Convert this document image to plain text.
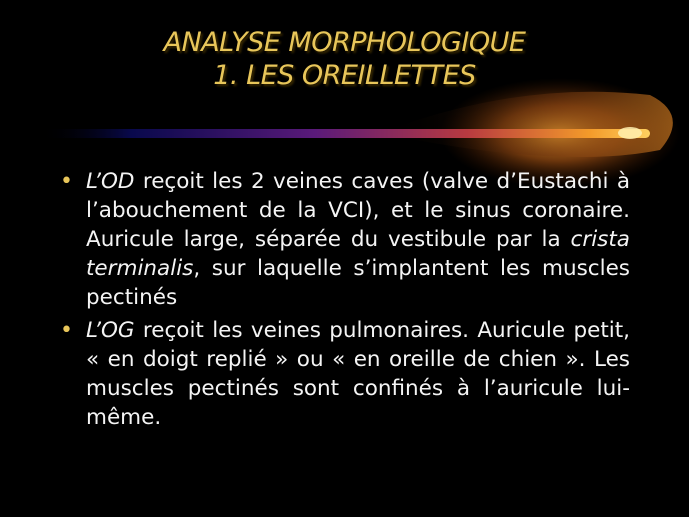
ANALYSE MORPHOLOGIQUE
1. LES OREILLETTES
• L’OD reçoit les 2 veines caves (valve d’Eustachi à l’abouchement de la VCI), et le sinus coronaire. Auricule large, séparée du vestibule par la crista terminalis, sur laquelle s’implantent les muscles pectinés
• L’OG reçoit les veines pulmonaires. Auricule petit, « en doigt replié » ou « en oreille de chien ». Les muscles pectinés sont confinés à l’auricule lui-même.
